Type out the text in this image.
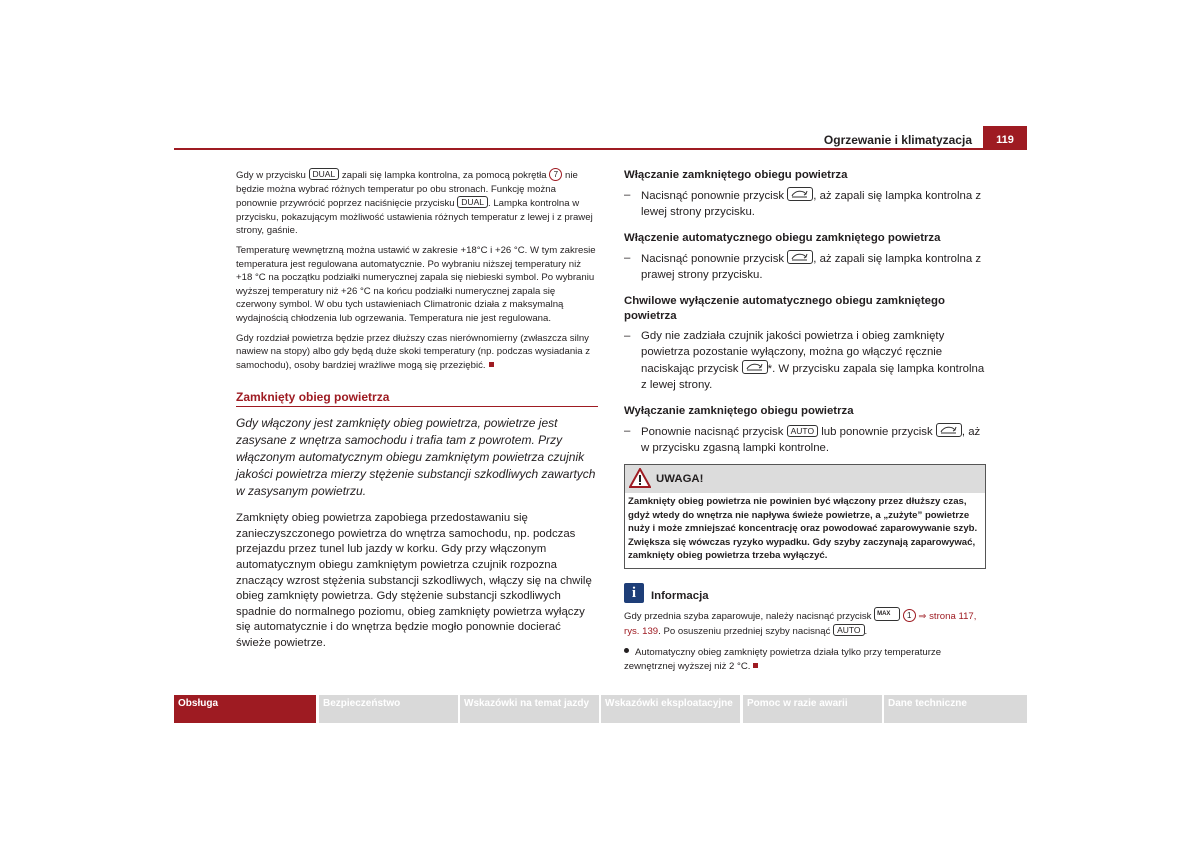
Ogrzewanie i klimatyzacja	119

Gdy w przycisku DUAL zapali się lampka kontrolna, za pomocą pokrętła 7 nie będzie można wybrać różnych temperatur po obu stronach. Funkcję można ponownie przywrócić poprzez naciśnięcie przycisku DUAL . Lampka kontrolna w przycisku, pokazującym możliwość ustawienia różnych temperatur z lewej i z prawej strony, gaśnie.

Temperaturę wewnętrzną można ustawić w zakresie +18°C i +26 °C. W tym zakresie temperatura jest regulowana automatycznie. Po wybraniu niższej temperatury niż +18 °C na początku podziałki numerycznej zapala się niebieski symbol. Po wybraniu wyższej temperatury niż +26 °C na końcu podziałki numerycznej zapala się czerwony symbol. W obu tych ustawieniach Climatronic działa z maksymalną wydajnością chłodzenia lub ogrzewania. Temperatura nie jest regulowana.

Gdy rozdział powietrza będzie przez dłuższy czas nierównomierny (zwłaszcza silny nawiew na stopy) albo gdy będą duże skoki temperatury (np. podczas wysiadania z samochodu), osoby bardziej wrażliwe mogą się przeziębić.

Zamknięty obieg powietrza

Gdy włączony jest zamknięty obieg powietrza, powietrze jest zasysane z wnętrza samochodu i trafia tam z powrotem. Przy włączonym automatycznym obiegu zamkniętym powietrza czujnik jakości powietrza mierzy stężenie substancji szkodliwych zawartych w zasysanym powietrzu.

Zamknięty obieg powietrza zapobiega przedostawaniu się zanieczyszczonego powietrza do wnętrza samochodu, np. podczas przejazdu przez tunel lub jazdy w korku. Gdy przy włączonym automatycznym obiegu zamkniętym powietrza czujnik rozpozna znaczący wzrost stężenia substancji szkodliwych, włączy się na chwilę obieg zamknięty powietrza. Gdy stężenie substancji szkodliwych spadnie do normalnego poziomu, obieg zamknięty powietrza wyłączy się automatycznie i do wnętrza będzie mogło ponownie docierać świeże powietrze.

Włączanie zamkniętego obiegu powietrza
– Nacisnąć ponownie przycisk
, aż zapali się lampka kontrolna z lewej strony przycisku.
Włączenie automatycznego obiegu zamkniętego powietrza
– Nacisnąć ponownie przycisk
, aż zapali się lampka kontrolna z prawej strony przycisku.
Chwilowe wyłączenie automatycznego obiegu zamkniętego powietrza
– Gdy nie zadziała czujnik jakości powietrza i obieg zamknięty powietrza pozostanie wyłączony, można go włączyć ręcznie naciskając przycisk
*. W przycisku zapala się lampka kontrolna z lewej strony.
Wyłączanie zamkniętego obiegu powietrza
– Ponownie nacisnąć przycisk AUTO lub ponownie przycisk
, aż w przycisku zgasną lampki kontrolne.
UWAGA!
Zamknięty obieg powietrza nie powinien być włączony przez dłuższy czas, gdyż wtedy do wnętrza nie napływa świeże powietrze, a „zużyte” powietrze nuży i może zmniejszać koncentrację oraz powodować zaparowywanie szyb. Zwiększa się wówczas ryzyko wypadku. Gdy szyby zaczynają zaparowywać, zamknięty obieg powietrza trzeba wyłączyć.
i	Informacja

Gdy przednia szyba zaparowuje, należy nacisnąć przycisk MAX 1 ⇒ strona 117, rys. 139. Po osuszeniu przedniej szyby nacisnąć AUTO .

Automatyczny obieg zamknięty powietrza działa tylko przy temperaturze zewnętrznej wyższej niż 2 °C.

Obsługa	Bezpieczeństwo	Wskazówki na temat jazdy	Wskazówki eksploatacyjne	Pomoc w razie awarii	Dane techniczne
